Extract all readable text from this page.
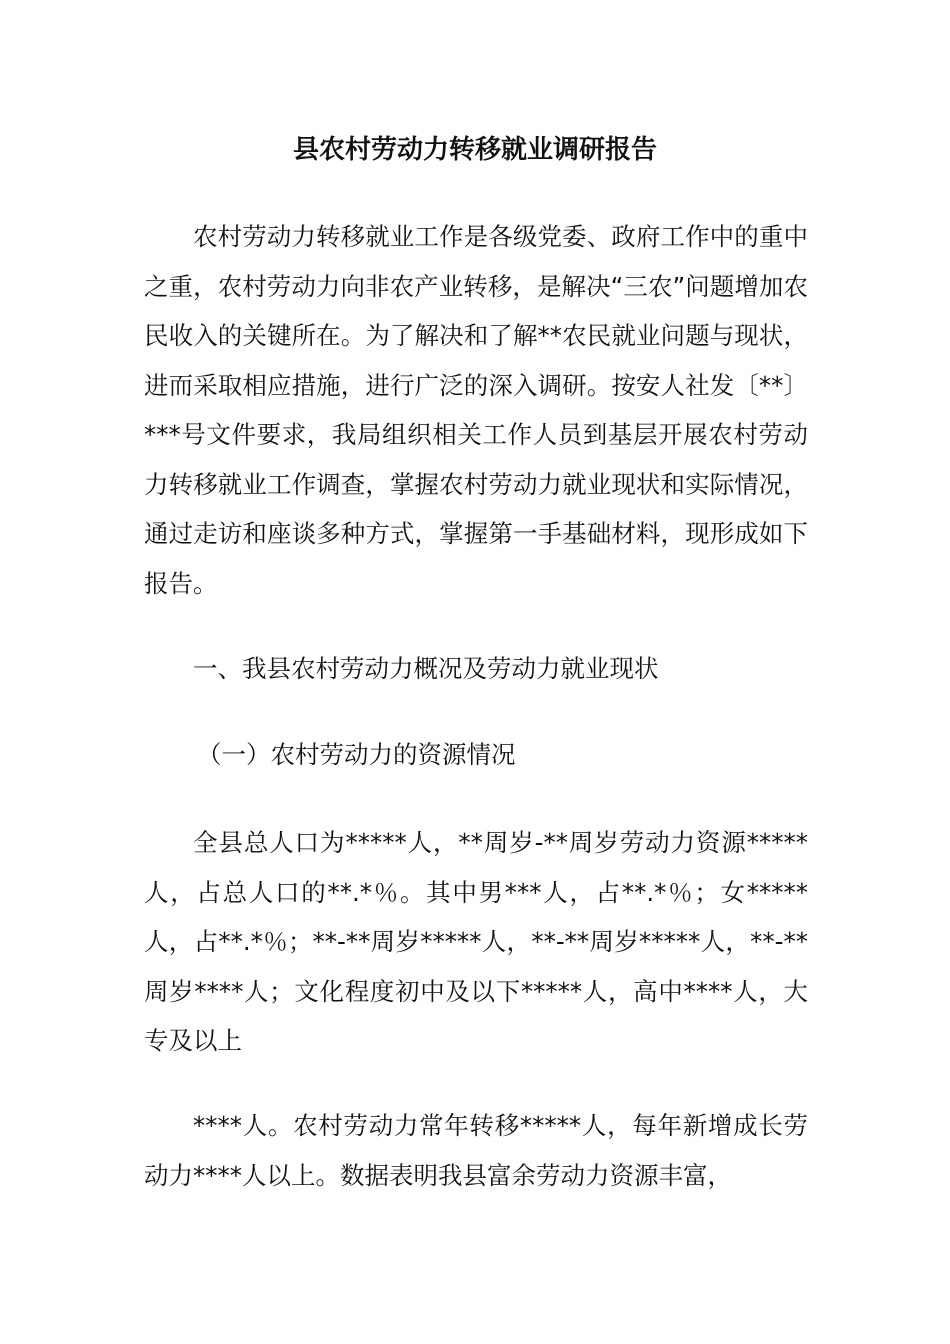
县农村劳动力转移就业调研报告
农村劳动力转移就业工作是各级党委、政府工作中的重中之重，农村劳动力向非农产业转移，是解决“三农”问题增加农民收入的关键所在。为了解决和了解**农民就业问题与现状，进而采取相应措施，进行广泛的深入调研。按安人社发〔**〕***号文件要求，我局组织相关工作人员到基层开展农村劳动力转移就业工作调查，掌握农村劳动力就业现状和实际情况，通过走访和座谈多种方式，掌握第一手基础材料，现形成如下报告。
一、我县农村劳动力概况及劳动力就业现状
（一）农村劳动力的资源情况
全县总人口为*****人，**周岁-**周岁劳动力资源*****人，占总人口的**.*％。其中男***人，占**.*％；女*****人，占**.*％；**-**周岁*****人，**-**周岁*****人，**-**周岁****人；文化程度初中及以下*****人，高中****人，大专及以上
****人。农村劳动力常年转移*****人，每年新增成长劳动力****人以上。数据表明我县富余劳动力资源丰富，
